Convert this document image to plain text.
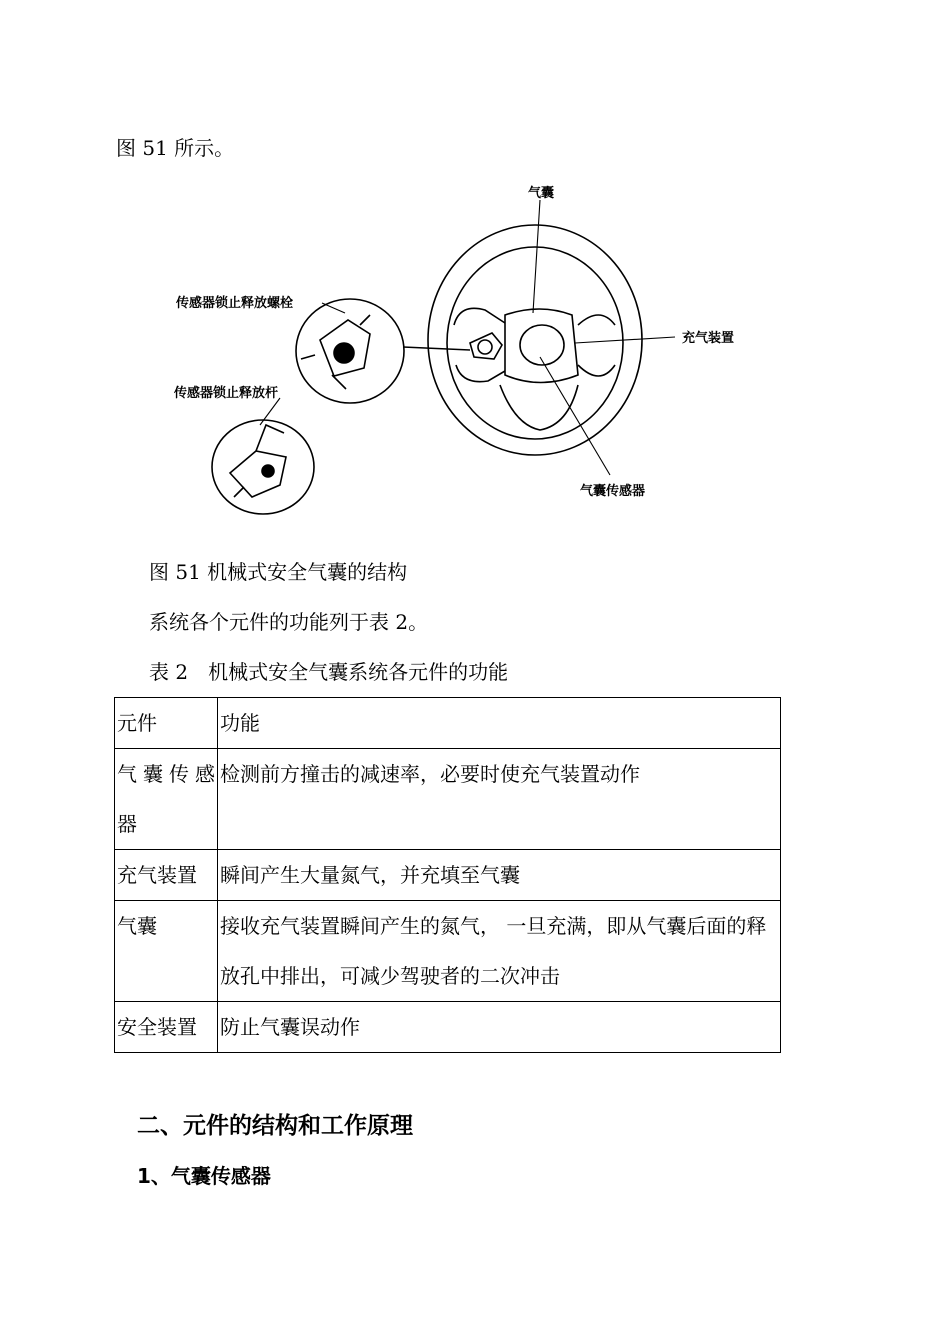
图 51 所示。
气囊
传感器锁止释放螺栓
传感器锁止释放杆
充气装置
气囊传感器
图 51 机械式安全气囊的结构
系统各个元件的功能列于表 2。
表 2 机械式安全气囊系统各元件的功能
元件	功能

气囊传感器	检测前方撞击的减速率，必要时使充气装置动作
充气装置	瞬间产生大量氮气，并充填至气囊
气囊	接收充气装置瞬间产生的氮气， 一旦充满，即从气囊后面的释放孔中排出，可减少驾驶者的二次冲击
安全装置	防止气囊误动作
二、元件的结构和工作原理
1、气囊传感器
